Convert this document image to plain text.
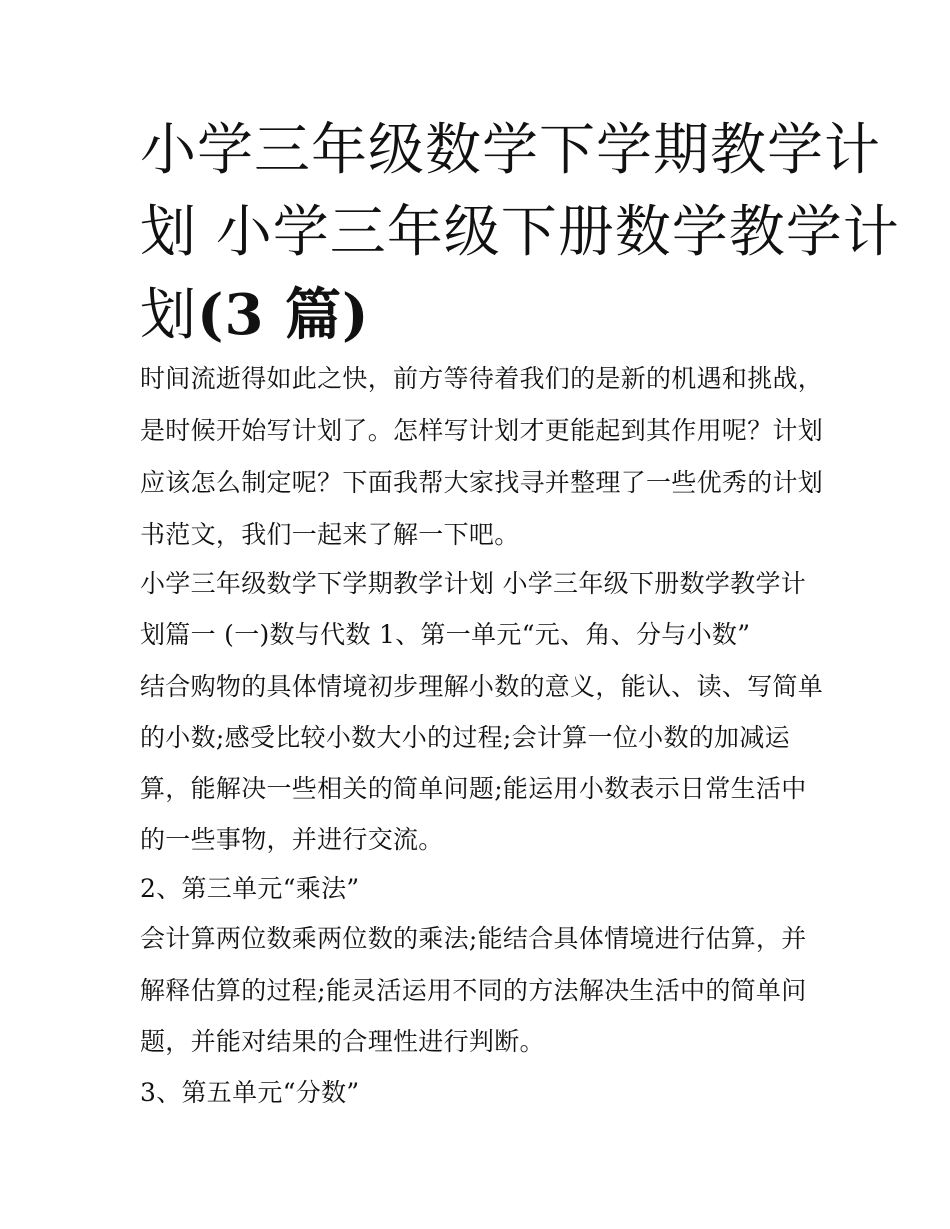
小学三年级数学下学期教学计
划 小学三年级下册数学教学计
划(3 篇)

时间流逝得如此之快，前方等待着我们的是新的机遇和挑战，

是时候开始写计划了。怎样写计划才更能起到其作用呢？计划

应该怎么制定呢？下面我帮大家找寻并整理了一些优秀的计划

书范文，我们一起来了解一下吧。

小学三年级数学下学期教学计划 小学三年级下册数学教学计

划篇一 (一)数与代数 1、第一单元“元、角、分与小数”

结合购物的具体情境初步理解小数的意义，能认、读、写简单

的小数;感受比较小数大小的过程;会计算一位小数的加减运

算，能解决一些相关的简单问题;能运用小数表示日常生活中

的一些事物，并进行交流。

2、第三单元“乘法”

会计算两位数乘两位数的乘法;能结合具体情境进行估算，并

解释估算的过程;能灵活运用不同的方法解决生活中的简单问

题，并能对结果的合理性进行判断。

3、第五单元“分数”
